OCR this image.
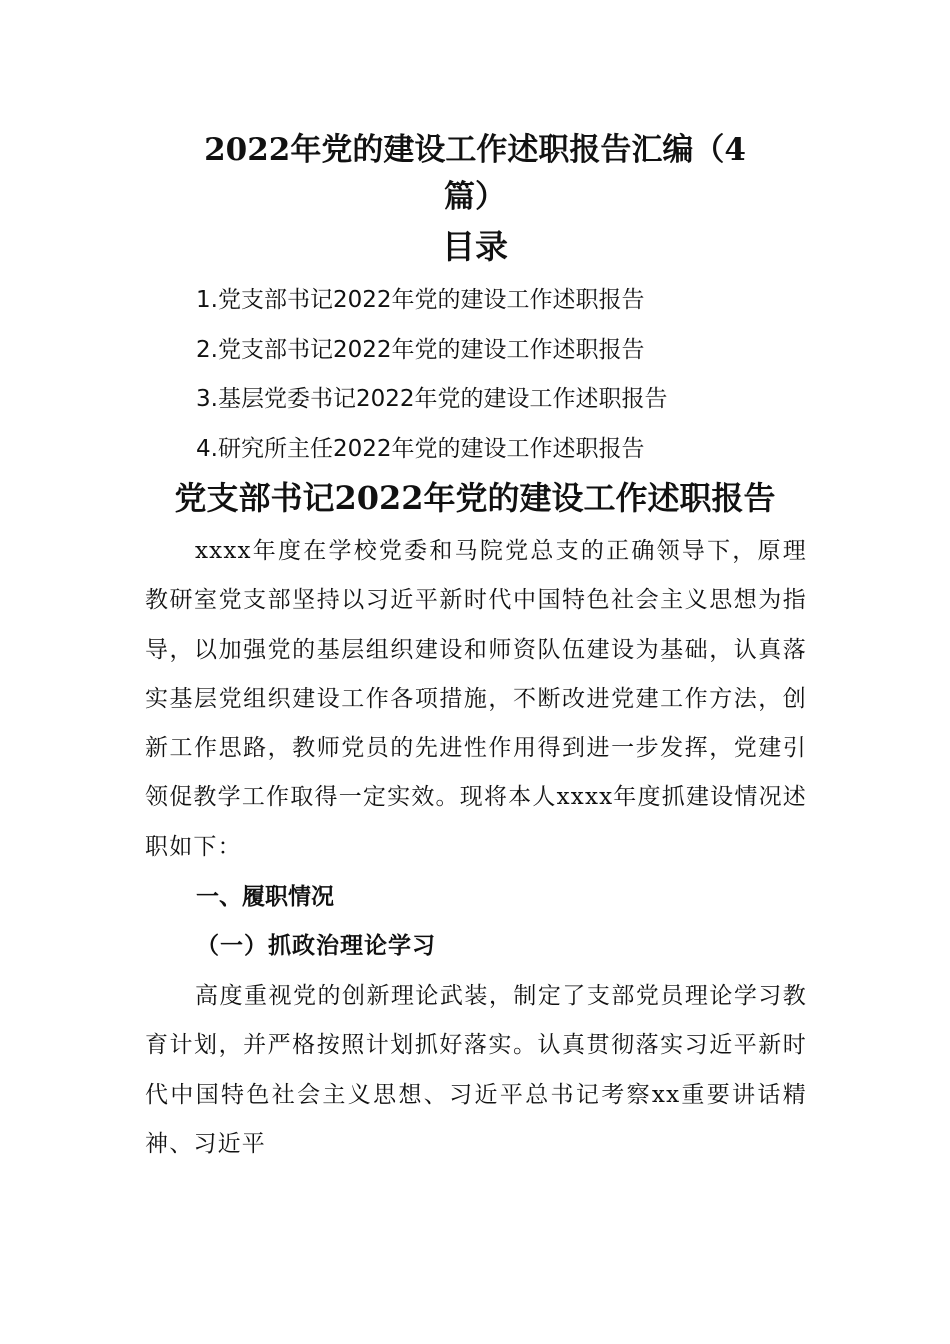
2022年党的建设工作述职报告汇编（4
篇）
目录
1.党支部书记2022年党的建设工作述职报告
2.党支部书记2022年党的建设工作述职报告
3.基层党委书记2022年党的建设工作述职报告
4.研究所主任2022年党的建设工作述职报告
党支部书记2022年党的建设工作述职报告

xxxx年度在学校党委和马院党总支的正确领导下，原理教研室党支部坚持以习近平新时代中国特色社会主义思想为指导，以加强党的基层组织建设和师资队伍建设为基础，认真落实基层党组织建设工作各项措施，不断改进党建工作方法，创新工作思路，教师党员的先进性作用得到进一步发挥，党建引领促教学工作取得一定实效。现将本人xxxx年度抓建设情况述职如下：

一、履职情况
（一）抓政治理论学习

高度重视党的创新理论武装，制定了支部党员理论学习教育计划，并严格按照计划抓好落实。认真贯彻落实习近平新时代中国特色社会主义思想、习近平总书记考察xx重要讲话精神、习近平
